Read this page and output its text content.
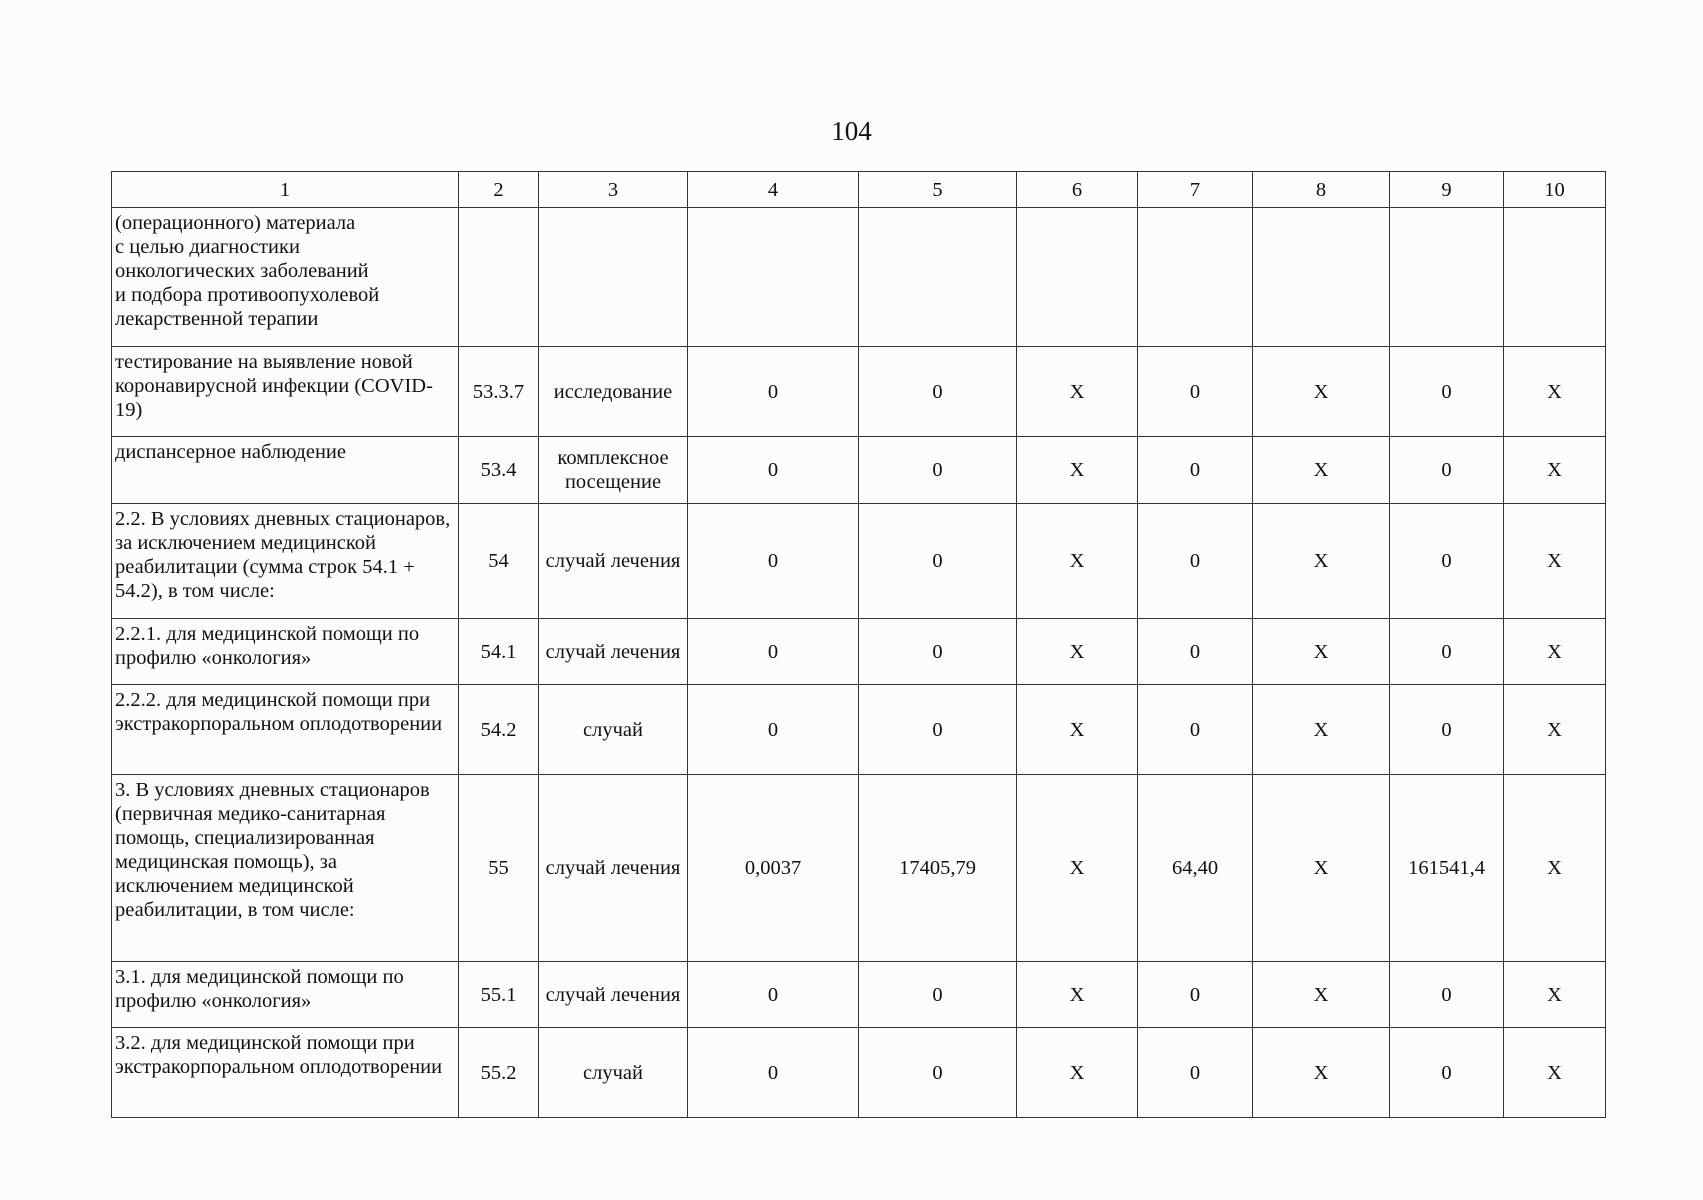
104
1	2	3	4	5	6	7	8	9	10
(операционного) материала
с целью диагностики
онкологических заболеваний
и подбора противоопухолевой
лекарственной терапии									
тестирование на выявление новой коронавирусной инфекции (COVID-19)	53.3.7	исследование	0	0	X	0	X	0	X
диспансерное наблюдение	53.4	комплексное посещение	0	0	X	0	X	0	X
2.2. В условиях дневных стационаров, за исключением медицинской реабилитации (сумма строк 54.1 + 54.2), в том числе:	54	случай лечения	0	0	X	0	X	0	X
2.2.1. для медицинской помощи по профилю «онкология»	54.1	случай лечения	0	0	X	0	X	0	X
2.2.2. для медицинской помощи при экстракорпоральном оплодотворении	54.2	случай	0	0	X	0	X	0	X
3. В условиях дневных стационаров (первичная медико-санитарная помощь, специализированная медицинская помощь), за исключением медицинской реабилитации, в том числе:	55	случай лечения	0,0037	17405,79	X	64,40	X	161541,4	X
3.1. для медицинской помощи по профилю «онкология»	55.1	случай лечения	0	0	X	0	X	0	X
3.2. для медицинской помощи при экстракорпоральном оплодотворении	55.2	случай	0	0	X	0	X	0	X
